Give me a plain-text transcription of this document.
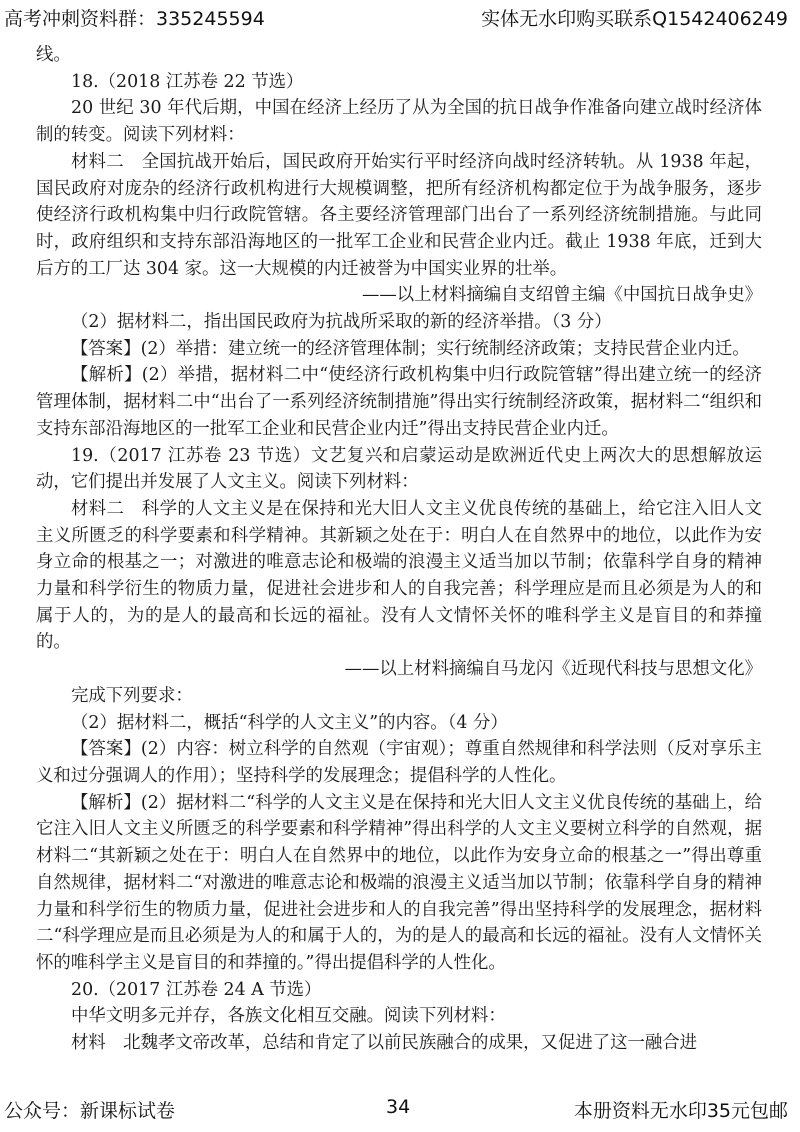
高考冲刺资料群：335245594	实体无水印购买联系Q1542406249

线。

18.（2018 江苏卷 22 节选）

20 世纪 30 年代后期，中国在经济上经历了从为全国的抗日战争作准备向建立战时经济体制的转变。阅读下列材料：

材料二　全国抗战开始后，国民政府开始实行平时经济向战时经济转轨。从 1938 年起，国民政府对庞杂的经济行政机构进行大规模调整，把所有经济机构都定位于为战争服务，逐步使经济行政机构集中归行政院管辖。各主要经济管理部门出台了一系列经济统制措施。与此同时，政府组织和支持东部沿海地区的一批军工企业和民营企业内迁。截止 1938 年底，迁到大后方的工厂达 304 家。这一大规模的内迁被誉为中国实业界的壮举。

——以上材料摘编自支绍曾主编《中国抗日战争史》

（2）据材料二，指出国民政府为抗战所采取的新的经济举措。（3 分）

【答案】(2）举措：建立统一的经济管理体制；实行统制经济政策；支持民营企业内迁。

【解析】(2）举措，据材料二中“使经济行政机构集中归行政院管辖”得出建立统一的经济管理体制，据材料二中“出台了一系列经济统制措施”得出实行统制经济政策，据材料二“组织和支持东部沿海地区的一批军工企业和民营企业内迁”得出支持民营企业内迁。

19.（2017 江苏卷 23 节选）文艺复兴和启蒙运动是欧洲近代史上两次大的思想解放运动，它们提出并发展了人文主义。阅读下列材料：

材料二　科学的人文主义是在保持和光大旧人文主义优良传统的基础上，给它注入旧人文主义所匮乏的科学要素和科学精神。其新颖之处在于：明白人在自然界中的地位，以此作为安身立命的根基之一；对激进的唯意志论和极端的浪漫主义适当加以节制；依靠科学自身的精神力量和科学衍生的物质力量，促进社会进步和人的自我完善；科学理应是而且必须是为人的和属于人的，为的是人的最高和长远的福祉。没有人文情怀关怀的唯科学主义是盲目的和莽撞的。

——以上材料摘编自马龙闪《近现代科技与思想文化》

完成下列要求：

（2）据材料二，概括“科学的人文主义”的内容。（4 分）

【答案】(2）内容：树立科学的自然观（宇宙观）；尊重自然规律和科学法则（反对享乐主义和过分强调人的作用）；坚持科学的发展理念；提倡科学的人性化。

【解析】(2）据材料二“科学的人文主义是在保持和光大旧人文主义优良传统的基础上，给它注入旧人文主义所匮乏的科学要素和科学精神”得出科学的人文主义要树立科学的自然观，据材料二“其新颖之处在于：明白人在自然界中的地位，以此作为安身立命的根基之一”得出尊重自然规律，据材料二“对激进的唯意志论和极端的浪漫主义适当加以节制；依靠科学自身的精神力量和科学衍生的物质力量，促进社会进步和人的自我完善”得出坚持科学的发展理念，据材料二“科学理应是而且必须是为人的和属于人的，为的是人的最高和长远的福祉。没有人文情怀关怀的唯科学主义是盲目的和莽撞的。”得出提倡科学的人性化。

20.（2017 江苏卷 24 A 节选）

中华文明多元并存，各族文化相互交融。阅读下列材料：

材料　北魏孝文帝改革，总结和肯定了以前民族融合的成果，又促进了这一融合进

公众号：新课标试卷	34	本册资料无水印35元包邮
